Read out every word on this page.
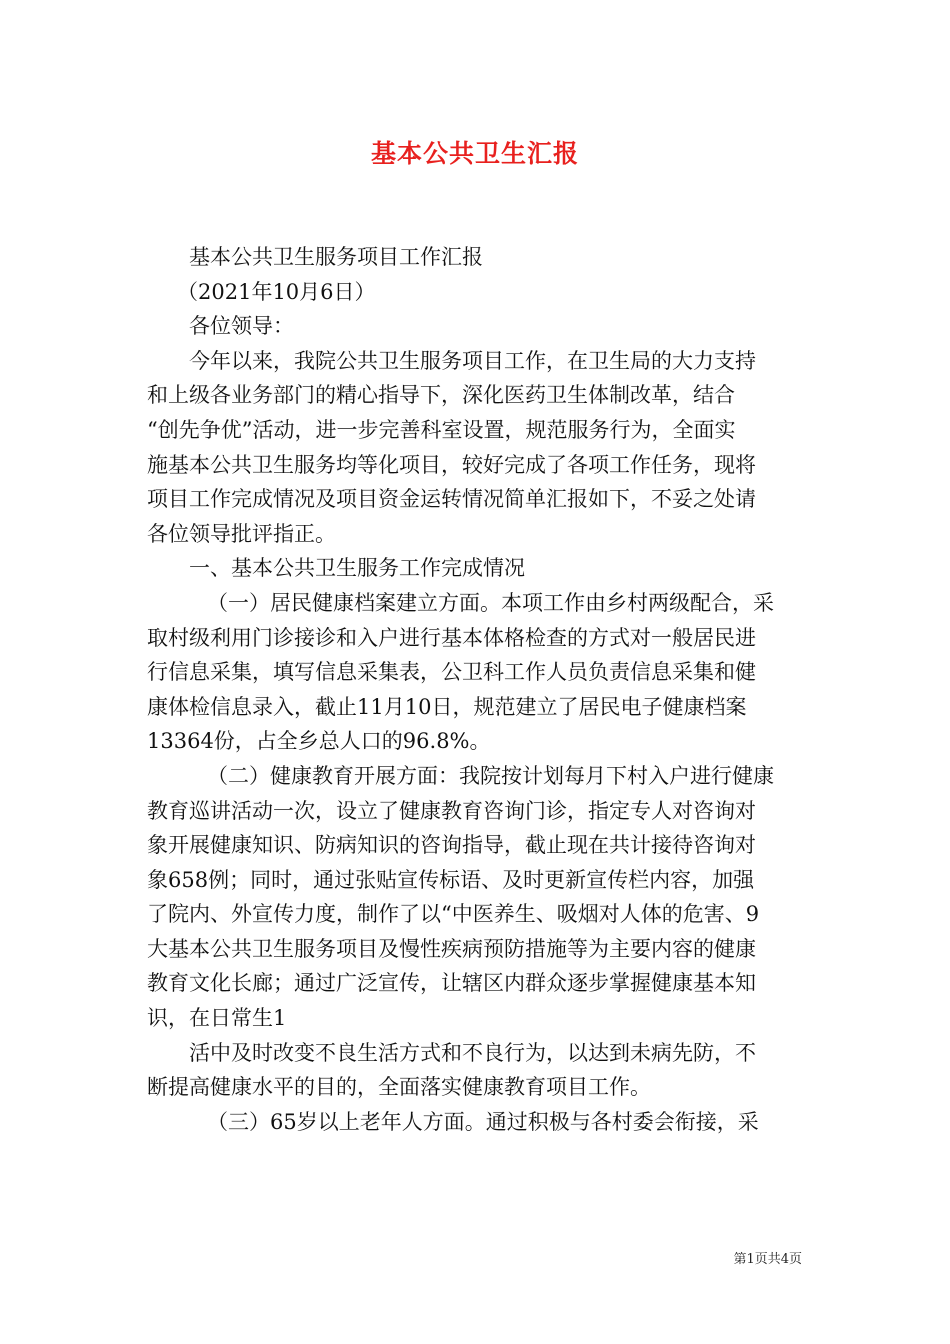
基本公共卫生汇报
基本公共卫生服务项目工作汇报
（2021年10月6日）
各位领导：
今年以来，我院公共卫生服务项目工作，在卫生局的大力支持
和上级各业务部门的精心指导下，深化医药卫生体制改革，结合
“创先争优”活动，进一步完善科室设置，规范服务行为，全面实
施基本公共卫生服务均等化项目，较好完成了各项工作任务，现将
项目工作完成情况及项目资金运转情况简单汇报如下，不妥之处请
各位领导批评指正。
一、基本公共卫生服务工作完成情况
（一）居民健康档案建立方面。本项工作由乡村两级配合，采
取村级利用门诊接诊和入户进行基本体格检查的方式对一般居民进
行信息采集，填写信息采集表，公卫科工作人员负责信息采集和健
康体检信息录入，截止11月10日，规范建立了居民电子健康档案
13364份，占全乡总人口的96.8%。
（二）健康教育开展方面：我院按计划每月下村入户进行健康
教育巡讲活动一次，设立了健康教育咨询门诊，指定专人对咨询对
象开展健康知识、防病知识的咨询指导，截止现在共计接待咨询对
象658例；同时，通过张贴宣传标语、及时更新宣传栏内容，加强
了院内、外宣传力度，制作了以“中医养生、吸烟对人体的危害、9
大基本公共卫生服务项目及慢性疾病预防措施等为主要内容的健康
教育文化长廊；通过广泛宣传，让辖区内群众逐步掌握健康基本知
识，在日常生1
活中及时改变不良生活方式和不良行为，以达到未病先防，不
断提高健康水平的目的，全面落实健康教育项目工作。
（三）65岁以上老年人方面。通过积极与各村委会衔接，采
第1页共4页
